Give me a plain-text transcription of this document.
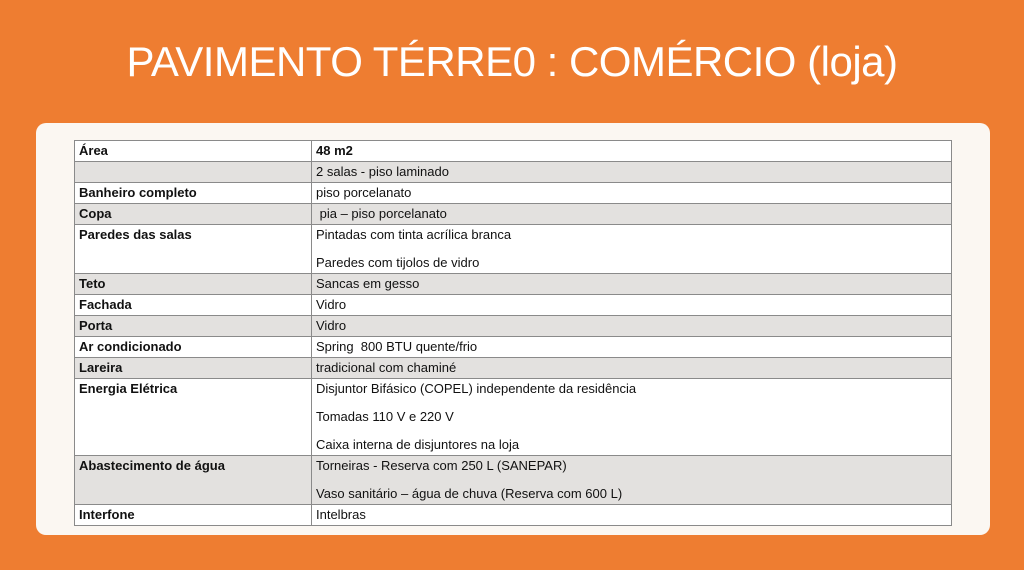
PAVIMENTO TÉRRE0 : COMÉRCIO (loja)
Área	48 m2

	2 salas - piso laminado

Banheiro completo	piso porcelanato

Copa	pia – piso porcelanato

Paredes das salas	Pintadas com tinta acrílica branca
Paredes com tijolos de vidro

Teto	Sancas em gesso

Fachada	Vidro

Porta	Vidro

Ar condicionado	Spring  800 BTU quente/frio

Lareira	tradicional com chaminé

Energia Elétrica	Disjuntor Bifásico (COPEL) independente da residência
Tomadas 110 V e 220 V
Caixa interna de disjuntores na loja

Abastecimento de água	Torneiras - Reserva com 250 L (SANEPAR)
Vaso sanitário – água de chuva (Reserva com 600 L)

Interfone	Intelbras
